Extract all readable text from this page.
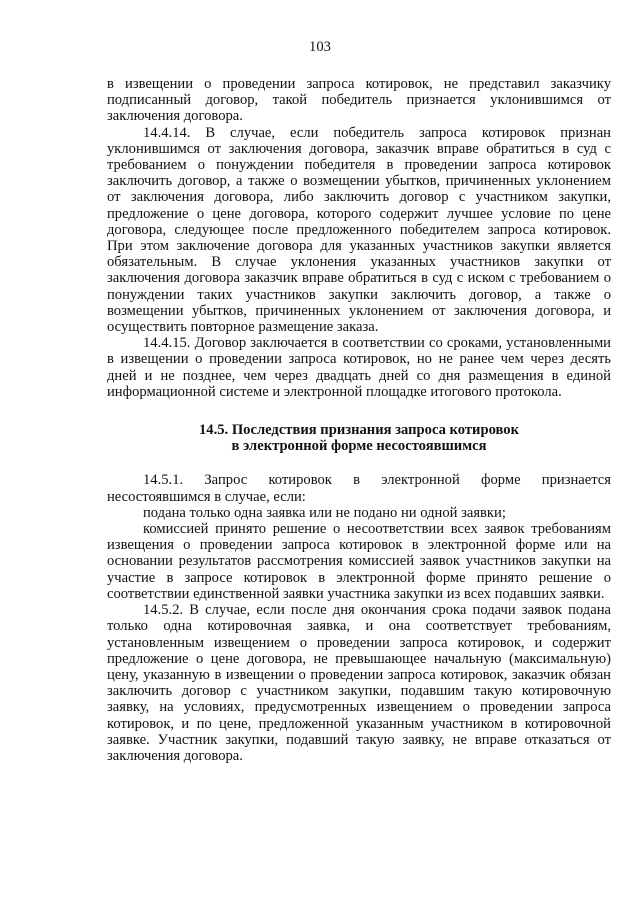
103

в извещении о проведении запроса котировок, не представил заказчику подписанный договор, такой победитель признается уклонившимся от заключения договора.

14.4.14. В случае, если победитель запроса котировок признан уклонившимся от заключения договора, заказчик вправе обратиться в суд с требованием о понуждении победителя в проведении запроса котировок заключить договор, а также о возмещении убытков, причиненных уклонением от заключения договора, либо заключить договор с участником закупки, предложение о цене договора, которого содержит лучшее условие по цене договора, следующее после предложенного победителем запроса котировок. При этом заключение договора для указанных участников закупки является обязательным. В случае уклонения указанных участников закупки от заключения договора заказчик вправе обратиться в суд с иском с требованием о понуждении таких участников закупки заключить договор, а также о возмещении убытков, причиненных уклонением от заключения договора, и осуществить повторное размещение заказа.

14.4.15. Договор заключается в соответствии со сроками, установленными в извещении о проведении запроса котировок, но не ранее чем через десять дней и не позднее, чем через двадцать дней со дня размещения в единой информационной системе и электронной площадке итогового протокола.

14.5. Последствия признания запроса котировок
в электронной форме несостоявшимся

14.5.1. Запрос котировок в электронной форме признается несостоявшимся в случае, если:

подана только одна заявка или не подано ни одной заявки;

комиссией принято решение о несоответствии всех заявок требованиям извещения о проведении запроса котировок в электронной форме или на основании результатов рассмотрения комиссией заявок участников закупки на участие в запросе котировок в электронной форме принято решение о соответствии единственной заявки участника закупки из всех подавших заявки.

14.5.2. В случае, если после дня окончания срока подачи заявок подана только одна котировочная заявка, и она соответствует требованиям, установленным извещением о проведении запроса котировок, и содержит предложение о цене договора, не превышающее начальную (максимальную) цену, указанную в извещении о проведении запроса котировок, заказчик обязан заключить договор с участником закупки, подавшим такую котировочную заявку, на условиях, предусмотренных извещением о проведении запроса котировок, и по цене, предложенной указанным участником в котировочной заявке. Участник закупки, подавший такую заявку, не вправе отказаться от заключения договора.
